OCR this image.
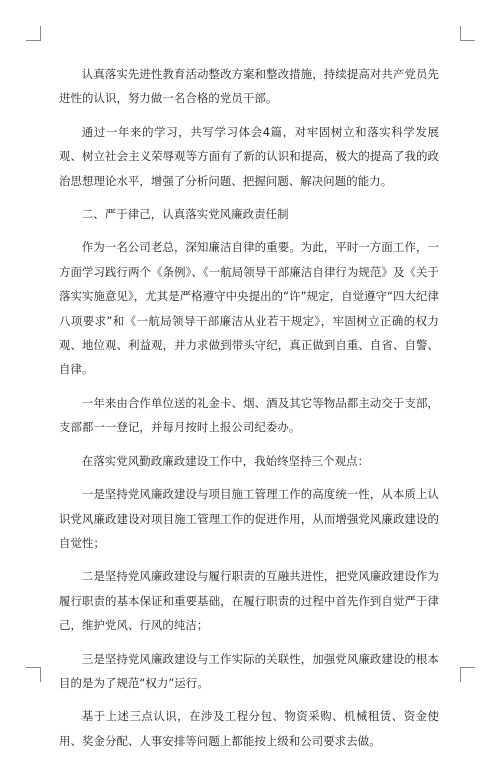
认真落实先进性教育活动整改方案和整改措施，持续提高对共产党员先进性的认识，努力做一名合格的党员干部。

通过一年来的学习，共写学习体会4篇，对牢固树立和落实科学发展观、树立社会主义荣辱观等方面有了新的认识和提高，极大的提高了我的政治思想理论水平，增强了分析问题、把握问题、解决问题的能力。

二、严于律己，认真落实党风廉政责任制

作为一名公司老总，深知廉洁自律的重要。为此，平时一方面工作，一方面学习践行两个《条例》、《一航局领导干部廉洁自律行为规范》及《关于落实实施意见》，尤其是严格遵守中央提出的“许”规定，自觉遵守“四大纪律八项要求”和《一航局领导干部廉洁从业若干规定》，牢固树立正确的权力观、地位观、利益观，并力求做到带头守纪，真正做到自重、自省、自警、自律。

一年来由合作单位送的礼金卡、烟、酒及其它等物品都主动交于支部，支部都一一登记，并每月按时上报公司纪委办。

在落实党风勤政廉政建设工作中，我始终坚持三个观点：

一是坚持党风廉政建设与项目施工管理工作的高度统一性，从本质上认识党风廉政建设对项目施工管理工作的促进作用，从而增强党风廉政建设的自觉性；

二是坚持党风廉政建设与履行职责的互融共进性，把党风廉政建设作为履行职责的基本保证和重要基础，在履行职责的过程中首先作到自觉严于律己，维护党风、行风的纯洁；

三是坚持党风廉政建设与工作实际的关联性，加强党风廉政建设的根本目的是为了规范“权力”运行。

基于上述三点认识，在涉及工程分包、物资采购、机械租赁、资金使用、奖金分配、人事安排等问题上都能按上级和公司要求去做。
